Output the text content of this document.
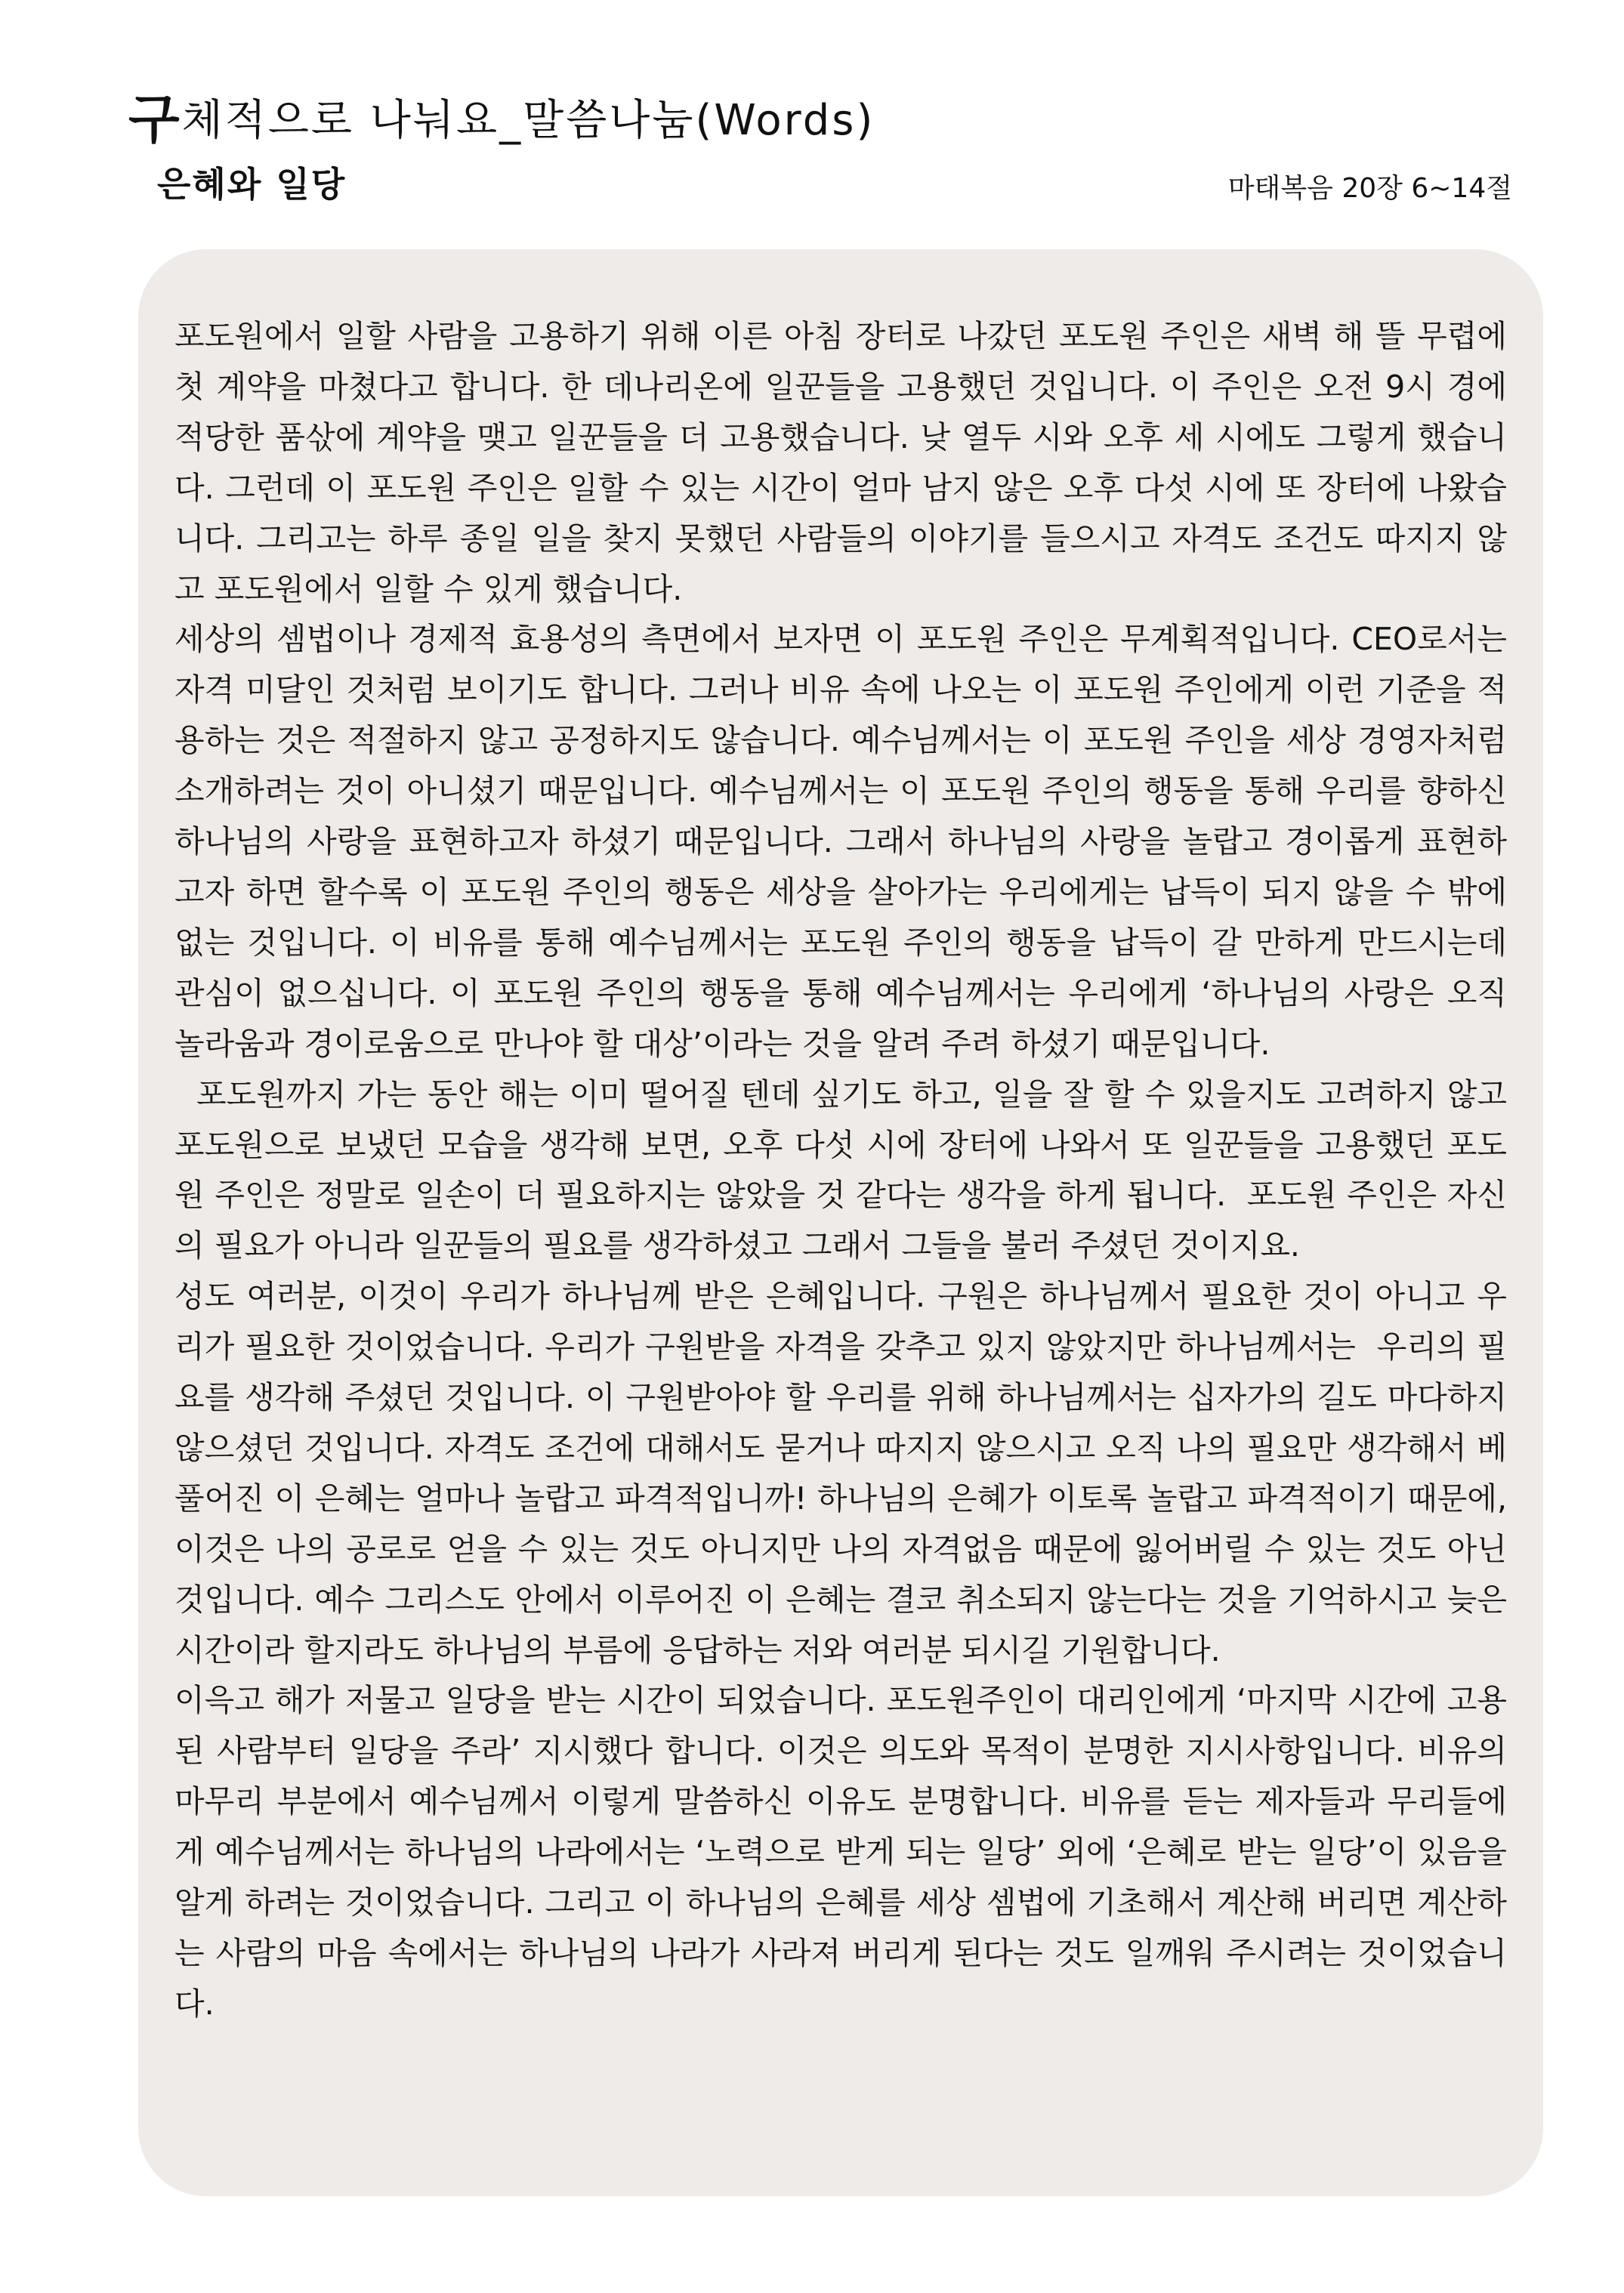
구체적으로 나눠요_말씀나눔(Words)
은혜와 일당	마태복음 20장 6~14절

포도원에서 일할 사람을 고용하기 위해 이른 아침 장터로 나갔던 포도원 주인은 새벽 해 뜰 무렵에 첫 계약을 마쳤다고 합니다. 한 데나리온에 일꾼들을 고용했던 것입니다. 이 주인은 오전 9시 경에 적당한 품삯에 계약을 맺고 일꾼들을 더 고용했습니다. 낮 열두 시와 오후 세 시에도 그렇게 했습니다. 그런데 이 포도원 주인은 일할 수 있는 시간이 얼마 남지 않은 오후 다섯 시에 또 장터에 나왔습니다. 그리고는 하루 종일 일을 찾지 못했던 사람들의 이야기를 들으시고 자격도 조건도 따지지 않고 포도원에서 일할 수 있게 했습니다.

세상의 셈법이나 경제적 효용성의 측면에서 보자면 이 포도원 주인은 무계획적입니다. CEO로서는 자격 미달인 것처럼 보이기도 합니다. 그러나 비유 속에 나오는 이 포도원 주인에게 이런 기준을 적용하는 것은 적절하지 않고 공정하지도 않습니다. 예수님께서는 이 포도원 주인을 세상 경영자처럼 소개하려는 것이 아니셨기 때문입니다. 예수님께서는 이 포도원 주인의 행동을 통해 우리를 향하신 하나님의 사랑을 표현하고자 하셨기 때문입니다. 그래서 하나님의 사랑을 놀랍고 경이롭게 표현하고자 하면 할수록 이 포도원 주인의 행동은 세상을 살아가는 우리에게는 납득이 되지 않을 수 밖에 없는 것입니다. 이 비유를 통해 예수님께서는 포도원 주인의 행동을 납득이 갈 만하게 만드시는데 관심이 없으십니다. 이 포도원 주인의 행동을 통해 예수님께서는 우리에게 ‘하나님의 사랑은 오직 놀라움과 경이로움으로 만나야 할 대상’이라는 것을 알려 주려 하셨기 때문입니다.

포도원까지 가는 동안 해는 이미 떨어질 텐데 싶기도 하고, 일을 잘 할 수 있을지도 고려하지 않고 포도원으로 보냈던 모습을 생각해 보면, 오후 다섯 시에 장터에 나와서 또 일꾼들을 고용했던 포도원 주인은 정말로 일손이 더 필요하지는 않았을 것 같다는 생각을 하게 됩니다.  포도원 주인은 자신의 필요가 아니라 일꾼들의 필요를 생각하셨고 그래서 그들을 불러 주셨던 것이지요.

성도 여러분, 이것이 우리가 하나님께 받은 은혜입니다. 구원은 하나님께서 필요한 것이 아니고 우리가 필요한 것이었습니다. 우리가 구원받을 자격을 갖추고 있지 않았지만 하나님께서는  우리의 필요를 생각해 주셨던 것입니다. 이 구원받아야 할 우리를 위해 하나님께서는 십자가의 길도 마다하지 않으셨던 것입니다. 자격도 조건에 대해서도 묻거나 따지지 않으시고 오직 나의 필요만 생각해서 베풀어진 이 은혜는 얼마나 놀랍고 파격적입니까! 하나님의 은혜가 이토록 놀랍고 파격적이기 때문에, 이것은 나의 공로로 얻을 수 있는 것도 아니지만 나의 자격없음 때문에 잃어버릴 수 있는 것도 아닌 것입니다. 예수 그리스도 안에서 이루어진 이 은혜는 결코 취소되지 않는다는 것을 기억하시고 늦은 시간이라 할지라도 하나님의 부름에 응답하는 저와 여러분 되시길 기원합니다.

이윽고 해가 저물고 일당을 받는 시간이 되었습니다. 포도원주인이 대리인에게 ‘마지막 시간에 고용된 사람부터 일당을 주라’ 지시했다 합니다. 이것은 의도와 목적이 분명한 지시사항입니다. 비유의 마무리 부분에서 예수님께서 이렇게 말씀하신 이유도 분명합니다. 비유를 듣는 제자들과 무리들에게 예수님께서는 하나님의 나라에서는 ‘노력으로 받게 되는 일당’ 외에 ‘은혜로 받는 일당’이 있음을 알게 하려는 것이었습니다. 그리고 이 하나님의 은혜를 세상 셈법에 기초해서 계산해 버리면 계산하는 사람의 마음 속에서는 하나님의 나라가 사라져 버리게 된다는 것도 일깨워 주시려는 것이었습니다.
